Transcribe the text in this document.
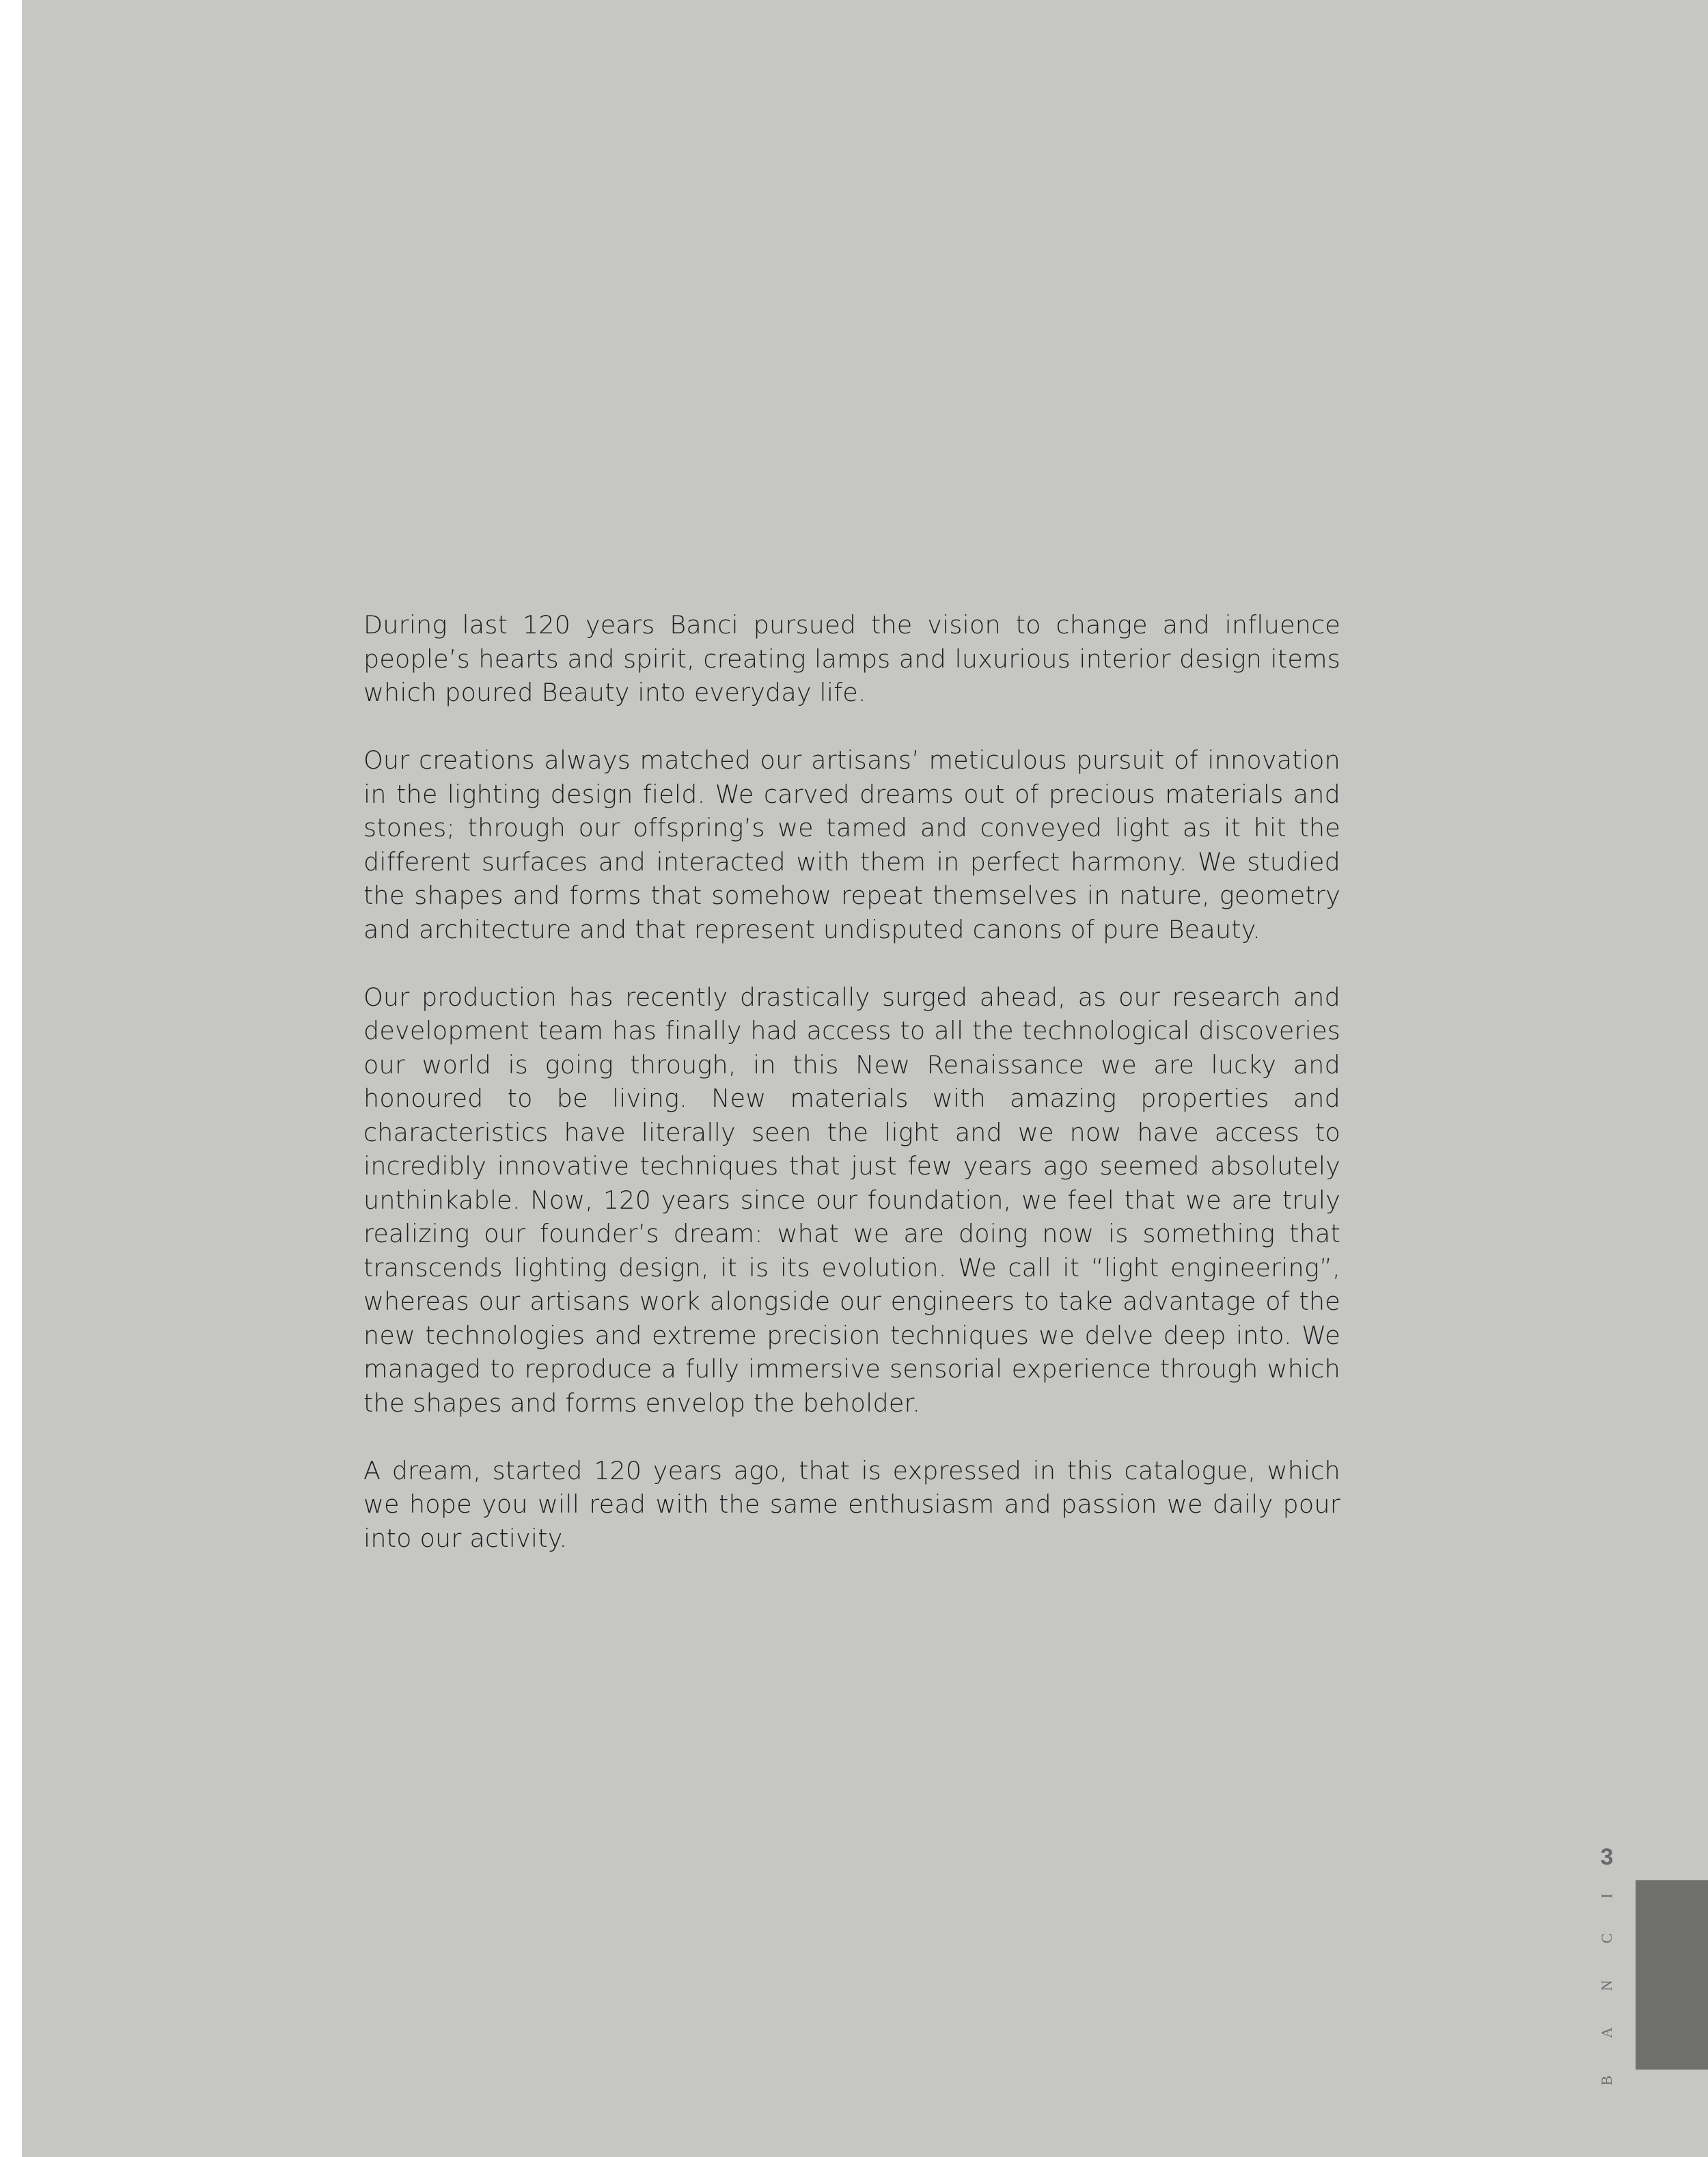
During last 120 years Banci pursued the vision to change and influence people’s hearts and spirit, creating lamps and luxurious interior design items which poured Beauty into everyday life.

Our creations always matched our artisans’ meticulous pursuit of innovation in the lighting design field. We carved dreams out of precious materials and stones; through our offspring’s we tamed and conveyed light as it hit the different surfaces and interacted with them in perfect harmony. We studied the shapes and forms that somehow repeat themselves in nature, geometry and architecture and that represent undisputed canons of pure Beauty.

Our production has recently drastically surged ahead, as our research and development team has finally had access to all the technological discoveries our world is going through, in this New Renaissance we are lucky and honoured to be living. New materials with amazing properties and characteristics have literally seen the light and we now have access to incredibly innovative techniques that just few years ago seemed absolutely unthinkable. Now, 120 years since our foundation, we feel that we are truly realizing our founder’s dream: what we are doing now is something that transcends lighting design, it is its evolution. We call it “light engineering”, whereas our artisans work alongside our engineers to take advantage of the new technologies and extreme precision techniques we delve deep into. We managed to reproduce a fully immersive sensorial experience through which the shapes and forms envelop the beholder.

A dream, started 120 years ago, that is expressed in this catalogue, which we hope you will read with the same enthusiasm and passion we daily pour into our activity.

3
B
A
N
C
I
